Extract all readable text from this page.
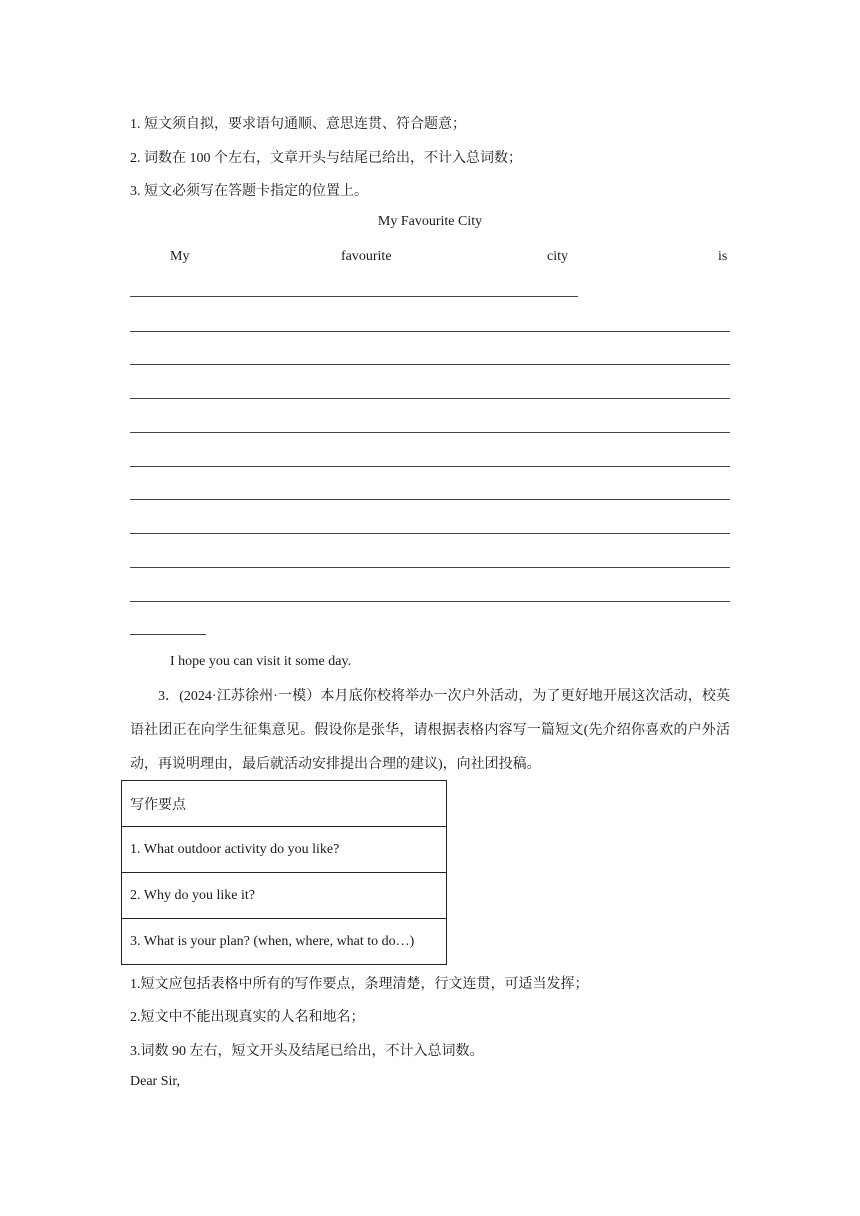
1. 短文须自拟，要求语句通顺、意思连贯、符合题意；
2. 词数在 100 个左右，文章开头与结尾已给出，不计入总词数；
3. 短文必须写在答题卡指定的位置上。
My Favourite City
My	favourite	city	is
I hope you can visit it some day.
3．(2024·江苏徐州·一模）本月底你校将举办一次户外活动，为了更好地开展这次活动，校英语社团正在向学生征集意见。假设你是张华，请根据表格内容写一篇短文(先介绍你喜欢的户外活动，再说明理由，最后就活动安排提出合理的建议)，向社团投稿。
写作要点
1. What outdoor activity do you like?
2. Why do you like it?
3. What is your plan? (when, where, what to do…)
1.短文应包括表格中所有的写作要点，条理清楚，行文连贯，可适当发挥；
2.短文中不能出现真实的人名和地名；
3.词数 90 左右，短文开头及结尾已给出，不计入总词数。
Dear Sir,
